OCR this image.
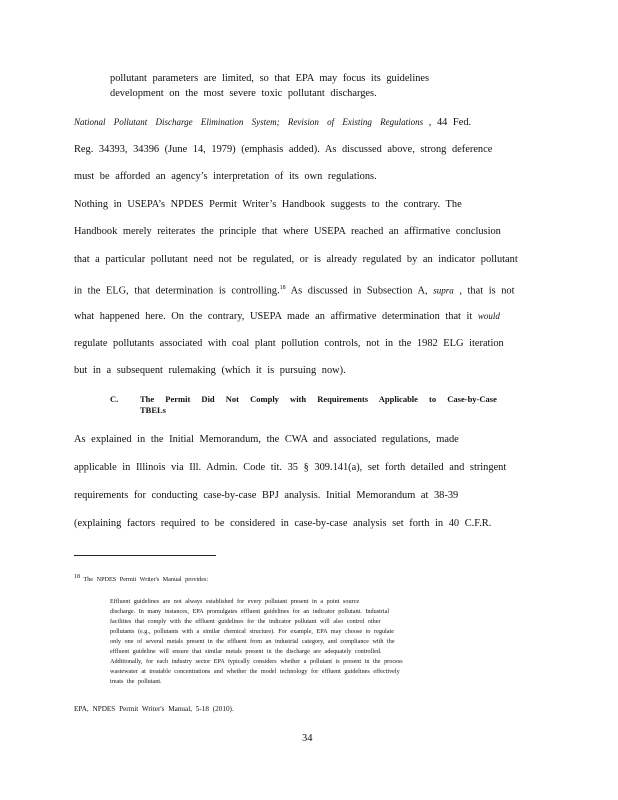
pollutant parameters are limited, so that EPA may focus its guidelines
development on the most severe toxic pollutant discharges.
National Pollutant Discharge Elimination System; Revision of Existing Regulations , 44 Fed.
Reg. 34393, 34396 (June 14, 1979) (emphasis added). As discussed above, strong deference
must be afforded an agency’s interpretation of its own regulations.
Nothing in USEPA’s NPDES Permit Writer’s Handbook suggests to the contrary. The
Handbook merely reiterates the principle that where USEPA reached an affirmative conclusion
that a particular pollutant need not be regulated, or is already regulated by an indicator pollutant
in the ELG, that determination is controlling.$^{18}$ As discussed in Subsection A, supra , that is not
what happened here. On the contrary, USEPA made an affirmative determination that it would
regulate pollutants associated with coal plant pollution controls, not in the 1982 ELG iteration
but in a subsequent rulemaking (which it is pursuing now).
C.	The Permit Did Not Comply with Requirements Applicable to Case-by-Case
TBELs
As explained in the Initial Memorandum, the CWA and associated regulations, made
applicable in Illinois via Ill. Admin. Code tit. 35 § 309.141(a), set forth detailed and stringent
requirements for conducting case-by-case BPJ analysis. Initial Memorandum at 38-39
(explaining factors required to be considered in case-by-case analysis set forth in 40 C.F.R.
$^{18}$ The NPDES Permit Writer's Manual provides:
Effluent guidelines are not always established for every pollutant present in a point source
discharge. In many instances, EPA promulgates effluent guidelines for an indicator pollutant. Industrial
facilities that comply with the effluent guidelines for the indicator pollutant will also control other
pollutants (e.g., pollutants with a similar chemical structure). For example, EPA may choose to regulate
only one of several metals present in the effluent from an industrial category, and compliance with the
effluent guideline will ensure that similar metals present in the discharge are adequately controlled.
Additionally, for each industry sector EPA typically considers whether a pollutant is present in the process
wastewater at treatable concentrations and whether the model technology for effluent guidelines effectively
treats the pollutant.
EPA, NPDES Permit Writer's Manual, 5-18 (2010).
34
